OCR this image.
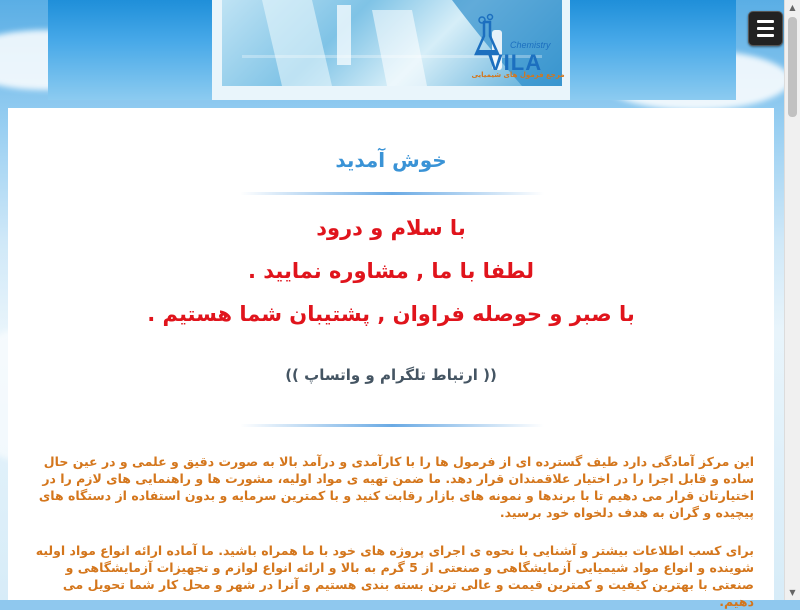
Chemistry
VILA
مرجع فرمول های شیمیایی
خوش آمدید
با سلام و درود
لطفا با ما , مشاوره نمایید .
با صبر و حوصله فراوان , پشتیبان شما هستیم .
(( ارتباط تلگرام و واتساپ ))
این مرکز آمادگی دارد طیف گسترده ای از فرمول ها را با کارآمدی و درآمد بالا به صورت دقیق و علمی و در عین حال ساده و قابل اجرا را در اختیار علاقمندان قرار دهد. ما ضمن تهیه ی مواد اولیه، مشورت ها و راهنمایی های لازم را در اختیارتان قرار می دهیم تا با برندها و نمونه های بازار رقابت کنید و با کمترین سرمایه و بدون استفاده از دستگاه های پیچیده و گران به هدف دلخواه خود برسید.
برای کسب اطلاعات بیشتر و آشنایی با نحوه ی اجرای پروژه های خود با ما همراه باشید. ما آماده ارائه انواع مواد اولیه شوینده و انواع مواد شیمیایی آزمایشگاهی و صنعتی از 5 گرم به بالا و ارائه انواع لوازم و تجهیزات آزمایشگاهی و صنعتی با بهترین کیفیت و کمترین قیمت و عالی ترین بسته بندی هستیم و آنرا در شهر و محل کار شما تحویل می دهیم.
▲
▼
